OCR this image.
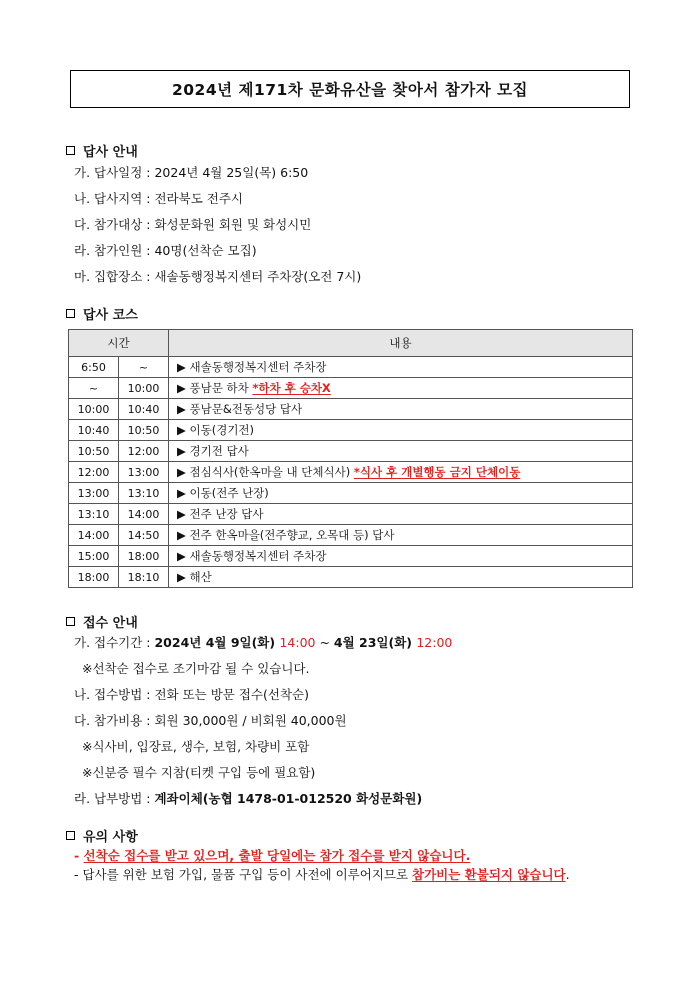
2024년 제171차 문화유산을 찾아서 참가자 모집
답사 안내
가. 답사일정 : 2024년 4월 25일(목) 6:50
나. 답사지역 : 전라북도 전주시
다. 참가대상 : 화성문화원 회원 및 화성시민
라. 참가인원 : 40명(선착순 모집)
마. 집합장소 : 새솔동행정복지센터 주차장(오전 7시)
답사 코스
시간		내용
6:50	~	▶ 새솔동행정복지센터 주차장
~	10:00	▶ 풍남문 하차 *하차 후 승차X
10:00	10:40	▶ 풍남문&전동성당 답사
10:40	10:50	▶ 이동(경기전)
10:50	12:00	▶ 경기전 답사
12:00	13:00	▶ 점심식사(한옥마을 내 단체식사) *식사 후 개별행동 금지 단체이동
13:00	13:10	▶ 이동(전주 난장)
13:10	14:00	▶ 전주 난장 답사
14:00	14:50	▶ 전주 한옥마을(전주향교, 오목대 등) 답사
15:00	18:00	▶ 새솔동행정복지센터 주차장
18:00	18:10	▶ 해산
접수 안내
가. 접수기간 : 2024년 4월 9일(화) 14:00 ~ 4월 23일(화) 12:00
※선착순 접수로 조기마감 될 수 있습니다.
나. 접수방법 : 전화 또는 방문 접수(선착순)
다. 참가비용 : 회원 30,000원 / 비회원 40,000원
※식사비, 입장료, 생수, 보험, 차량비 포함
※신분증 필수 지참(티켓 구입 등에 필요함)
라. 납부방법 : 계좌이체(농협 1478-01-012520 화성문화원)
유의 사항
- 선착순 접수를 받고 있으며, 출발 당일에는 참가 접수를 받지 않습니다.
- 답사를 위한 보험 가입, 물품 구입 등이 사전에 이루어지므로 참가비는 환불되지 않습니다.
